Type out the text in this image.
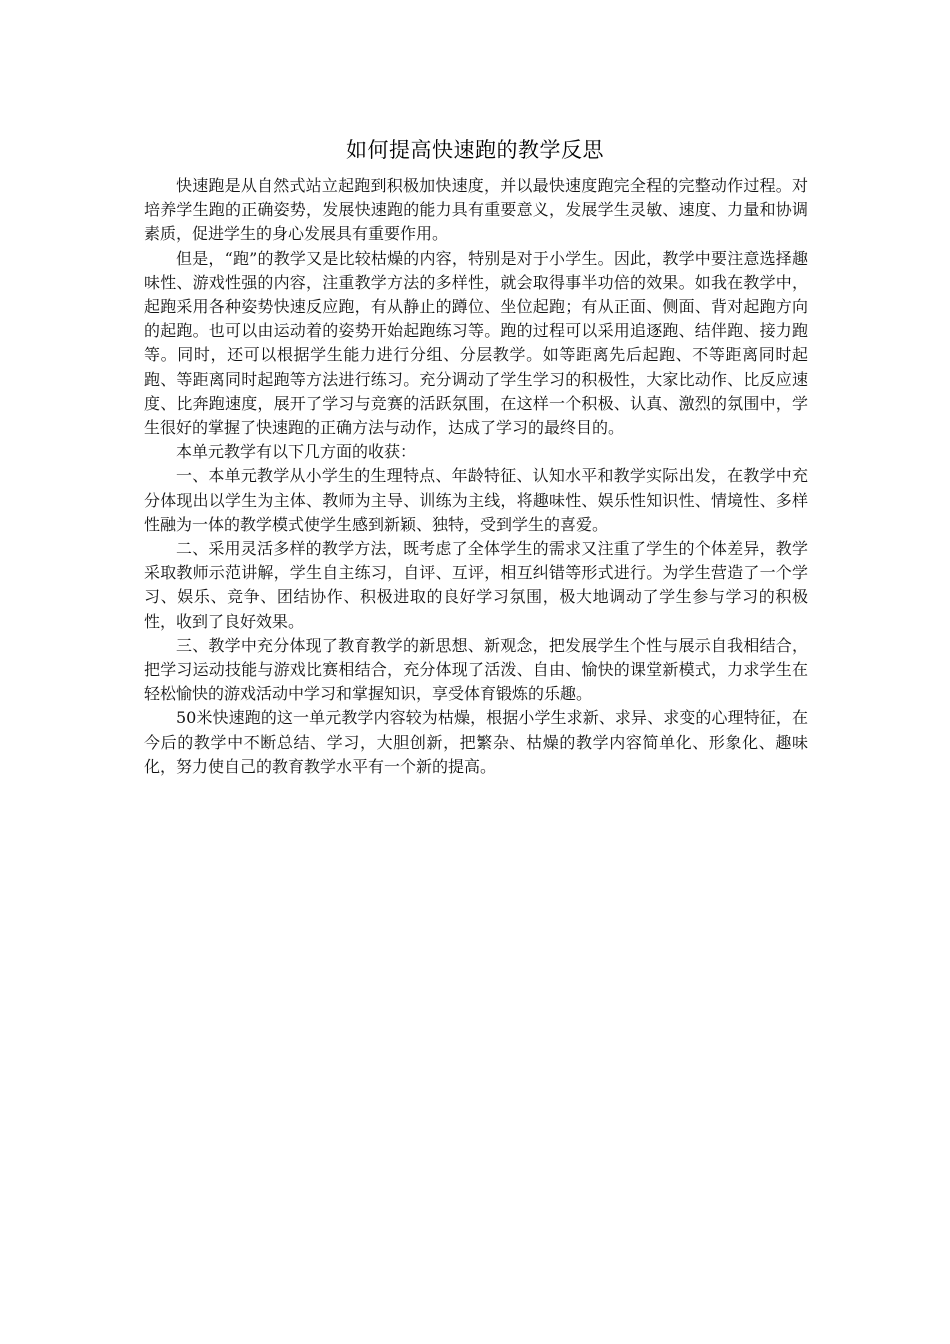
如何提高快速跑的教学反思

快速跑是从自然式站立起跑到积极加快速度，并以最快速度跑完全程的完整动作过程。对培养学生跑的正确姿势，发展快速跑的能力具有重要意义，发展学生灵敏、速度、力量和协调素质，促进学生的身心发展具有重要作用。

但是，“跑”的教学又是比较枯燥的内容，特别是对于小学生。因此，教学中要注意选择趣味性、游戏性强的内容，注重教学方法的多样性，就会取得事半功倍的效果。如我在教学中，起跑采用各种姿势快速反应跑，有从静止的蹲位、坐位起跑；有从正面、侧面、背对起跑方向的起跑。也可以由运动着的姿势开始起跑练习等。跑的过程可以采用追逐跑、结伴跑、接力跑等。同时，还可以根据学生能力进行分组、分层教学。如等距离先后起跑、不等距离同时起跑、等距离同时起跑等方法进行练习。充分调动了学生学习的积极性，大家比动作、比反应速度、比奔跑速度，展开了学习与竞赛的活跃氛围，在这样一个积极、认真、激烈的氛围中，学生很好的掌握了快速跑的正确方法与动作，达成了学习的最终目的。

本单元教学有以下几方面的收获：

一、本单元教学从小学生的生理特点、年龄特征、认知水平和教学实际出发，在教学中充分体现出以学生为主体、教师为主导、训练为主线，将趣味性、娱乐性知识性、情境性、多样性融为一体的教学模式使学生感到新颖、独特，受到学生的喜爱。

二、采用灵活多样的教学方法，既考虑了全体学生的需求又注重了学生的个体差异，教学采取教师示范讲解，学生自主练习，自评、互评，相互纠错等形式进行。为学生营造了一个学习、娱乐、竞争、团结协作、积极进取的良好学习氛围，极大地调动了学生参与学习的积极性，收到了良好效果。

三、教学中充分体现了教育教学的新思想、新观念，把发展学生个性与展示自我相结合，把学习运动技能与游戏比赛相结合，充分体现了活泼、自由、愉快的课堂新模式，力求学生在轻松愉快的游戏活动中学习和掌握知识，享受体育锻炼的乐趣。

50米快速跑的这一单元教学内容较为枯燥，根据小学生求新、求异、求变的心理特征，在今后的教学中不断总结、学习，大胆创新，把繁杂、枯燥的教学内容简单化、形象化、趣味化，努力使自己的教育教学水平有一个新的提高。
